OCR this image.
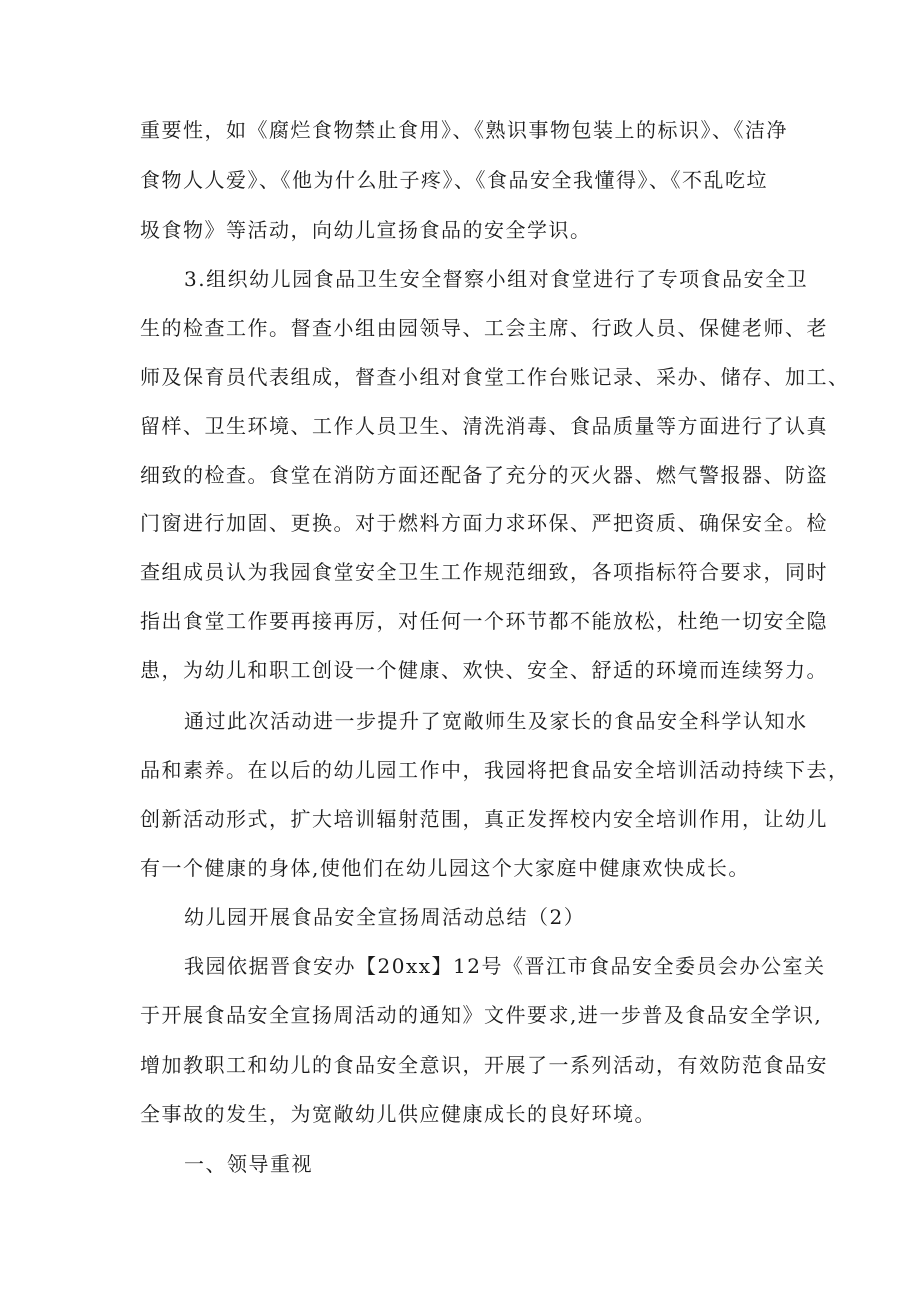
重要性，如《腐烂食物禁止食用》、《熟识事物包装上的标识》、《洁净
食物人人爱》、《他为什么肚子疼》、《食品安全我懂得》、《不乱吃垃
圾食物》等活动，向幼儿宣扬食品的安全学识。
3.组织幼儿园食品卫生安全督察小组对食堂进行了专项食品安全卫
生的检查工作。督查小组由园领导、工会主席、行政人员、保健老师、老
师及保育员代表组成，督查小组对食堂工作台账记录、采办、储存、加工、
留样、卫生环境、工作人员卫生、清洗消毒、食品质量等方面进行了认真
细致的检查。食堂在消防方面还配备了充分的灭火器、燃气警报器、防盗
门窗进行加固、更换。对于燃料方面力求环保、严把资质、确保安全。检
查组成员认为我园食堂安全卫生工作规范细致，各项指标符合要求，同时
指出食堂工作要再接再厉，对任何一个环节都不能放松，杜绝一切安全隐
患，为幼儿和职工创设一个健康、欢快、安全、舒适的环境而连续努力。
通过此次活动进一步提升了宽敞师生及家长的食品安全科学认知水
品和素养。在以后的幼儿园工作中，我园将把食品安全培训活动持续下去，
创新活动形式，扩大培训辐射范围，真正发挥校内安全培训作用，让幼儿
有一个健康的身体,使他们在幼儿园这个大家庭中健康欢快成长。
幼儿园开展食品安全宣扬周活动总结（2）
我园依据晋食安办【20xx】12号《晋江市食品安全委员会办公室关
于开展食品安全宣扬周活动的通知》文件要求,进一步普及食品安全学识,
增加教职工和幼儿的食品安全意识，开展了一系列活动，有效防范食品安
全事故的发生，为宽敞幼儿供应健康成长的良好环境。
一、领导重视
